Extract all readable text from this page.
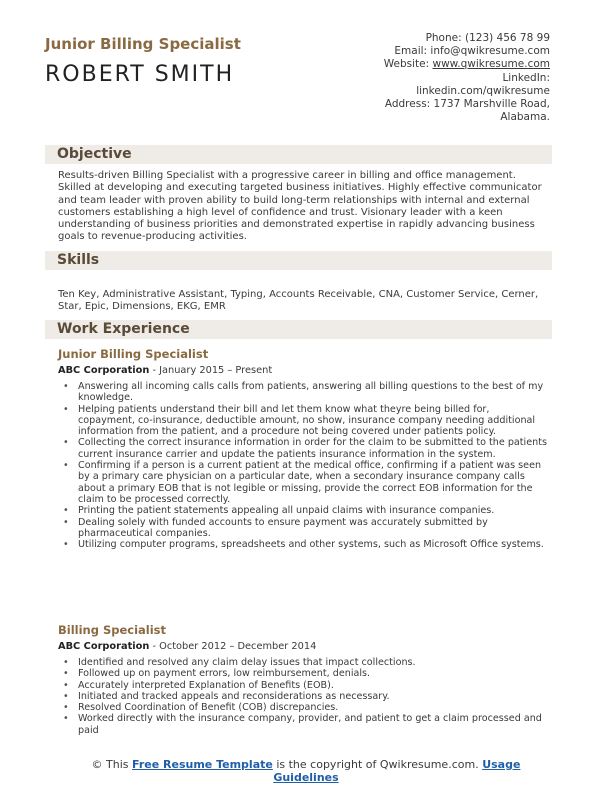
Junior Billing Specialist
ROBERT SMITH
Phone: (123) 456 78 99
Email: info@qwikresume.com
Website: www.qwikresume.com
LinkedIn:
linkedin.com/qwikresume
Address: 1737 Marshville Road,
Alabama.
Objective
Results-driven Billing Specialist with a progressive career in billing and office management. Skilled at developing and executing targeted business initiatives. Highly effective communicator and team leader with proven ability to build long-term relationships with internal and external customers establishing a high level of confidence and trust. Visionary leader with a keen understanding of business priorities and demonstrated expertise in rapidly advancing business goals to revenue-producing activities.
Skills
Ten Key, Administrative Assistant, Typing, Accounts Receivable, CNA, Customer Service, Cerner, Star, Epic, Dimensions, EKG, EMR
Work Experience
Junior Billing Specialist
ABC Corporation - January 2015 – Present
• Answering all incoming calls calls from patients, answering all billing questions to the best of my knowledge.
• Helping patients understand their bill and let them know what theyre being billed for, copayment, co-insurance, deductible amount, no show, insurance company needing additional information from the patient, and a procedure not being covered under patients policy.
• Collecting the correct insurance information in order for the claim to be submitted to the patients current insurance carrier and update the patients insurance information in the system.
• Confirming if a person is a current patient at the medical office, confirming if a patient was seen by a primary care physician on a particular date, when a secondary insurance company calls about a primary EOB that is not legible or missing, provide the correct EOB information for the claim to be processed correctly.
• Printing the patient statements appealing all unpaid claims with insurance companies.
• Dealing solely with funded accounts to ensure payment was accurately submitted by pharmaceutical companies.
• Utilizing computer programs, spreadsheets and other systems, such as Microsoft Office systems.
Billing Specialist
ABC Corporation - October 2012 – December 2014
• Identified and resolved any claim delay issues that impact collections.
• Followed up on payment errors, low reimbursement, denials.
• Accurately interpreted Explanation of Benefits (EOB).
• Initiated and tracked appeals and reconsiderations as necessary.
• Resolved Coordination of Benefit (COB) discrepancies.
• Worked directly with the insurance company, provider, and patient to get a claim processed and paid
© This Free Resume Template is the copyright of Qwikresume.com. Usage
Guidelines
